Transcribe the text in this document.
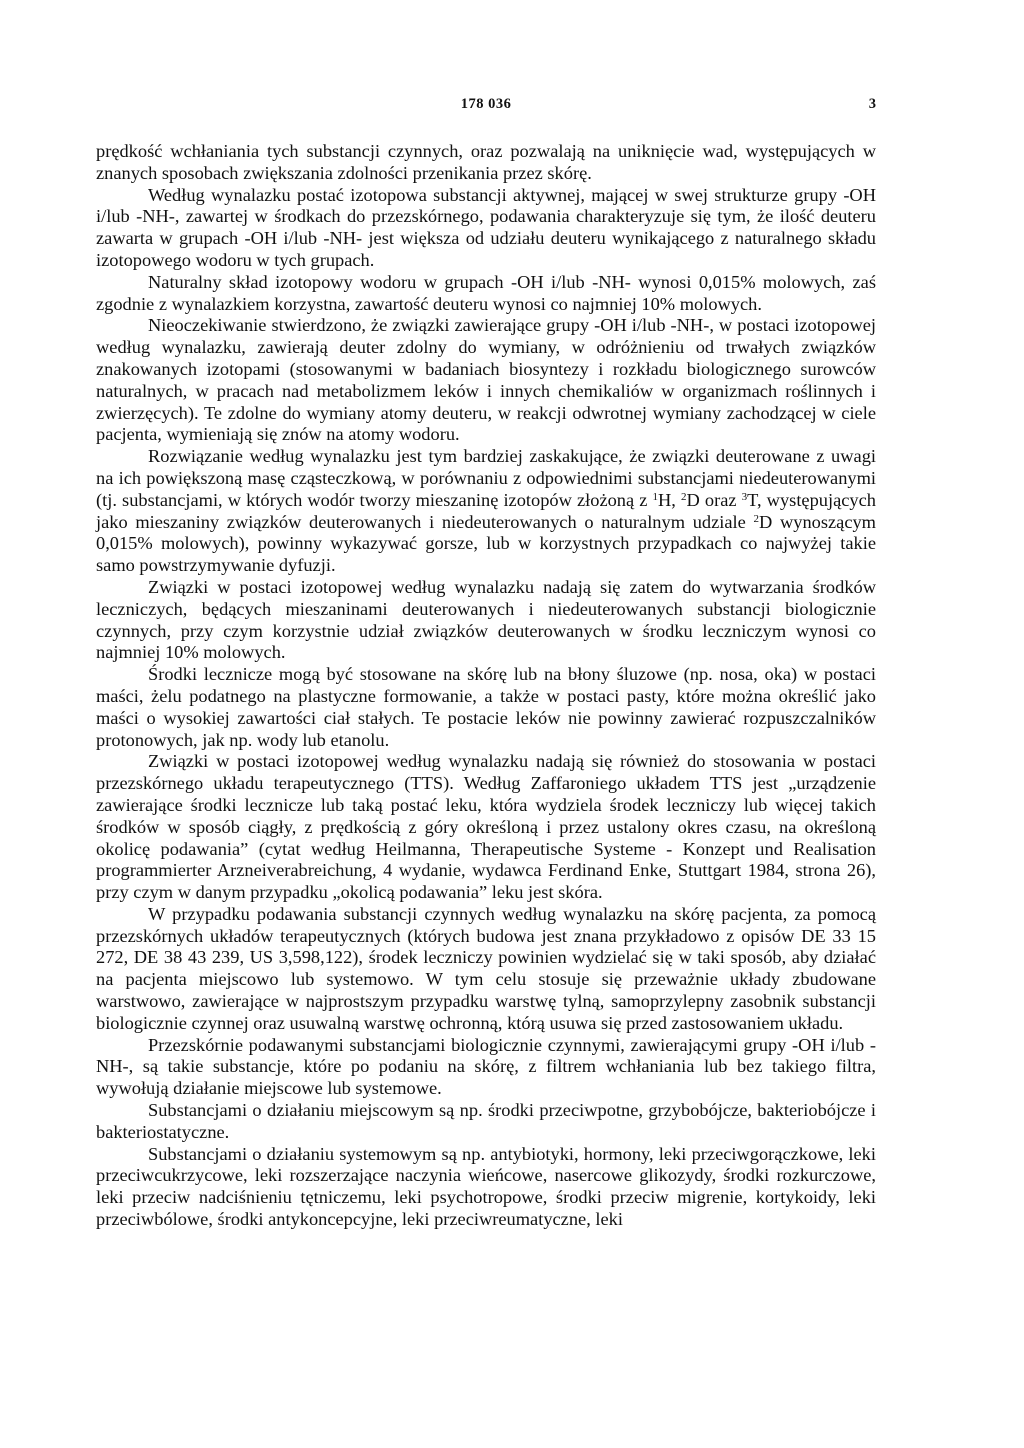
178 036	3

prędkość wchłaniania tych substancji czynnych, oraz pozwalają na uniknięcie wad, występujących w znanych sposobach zwiększania zdolności przenikania przez skórę.

Według wynalazku postać izotopowa substancji aktywnej, mającej w swej strukturze grupy -OH i/lub -NH-, zawartej w środkach do przezskórnego, podawania charakteryzuje się tym, że ilość deuteru zawarta w grupach -OH i/lub -NH- jest większa od udziału deuteru wynikającego z naturalnego składu izotopowego wodoru w tych grupach.

Naturalny skład izotopowy wodoru w grupach -OH i/lub -NH- wynosi 0,015% molowych, zaś zgodnie z wynalazkiem korzystna, zawartość deuteru wynosi co najmniej 10% molowych.

Nieoczekiwanie stwierdzono, że związki zawierające grupy -OH i/lub -NH-, w postaci izotopowej według wynalazku, zawierają deuter zdolny do wymiany, w odróżnieniu od trwałych związków znakowanych izotopami (stosowanymi w badaniach biosyntezy i rozkładu biologicznego surowców naturalnych, w pracach nad metabolizmem leków i innych chemikaliów w organizmach roślinnych i zwierzęcych). Te zdolne do wymiany atomy deuteru, w reakcji odwrotnej wymiany zachodzącej w ciele pacjenta, wymieniają się znów na atomy wodoru.

Rozwiązanie według wynalazku jest tym bardziej zaskakujące, że związki deuterowane z uwagi na ich powiększoną masę cząsteczkową, w porównaniu z odpowiednimi substancjami niedeuterowanymi (tj. substancjami, w których wodór tworzy mieszaninę izotopów złożoną z $^1$H, $^2$D oraz $^3$T, występujących jako mieszaniny związków deuterowanych i niedeuterowanych o naturalnym udziale $^2$D wynoszącym 0,015% molowych), powinny wykazywać gorsze, lub w korzystnych przypadkach co najwyżej takie samo powstrzymywanie dyfuzji.

Związki w postaci izotopowej według wynalazku nadają się zatem do wytwarzania środków leczniczych, będących mieszaninami deuterowanych i niedeuterowanych substancji biologicznie czynnych, przy czym korzystnie udział związków deuterowanych w środku leczniczym wynosi co najmniej 10% molowych.

Środki lecznicze mogą być stosowane na skórę lub na błony śluzowe (np. nosa, oka) w postaci maści, żelu podatnego na plastyczne formowanie, a także w postaci pasty, które można określić jako maści o wysokiej zawartości ciał stałych. Te postacie leków nie powinny zawierać rozpuszczalników protonowych, jak np. wody lub etanolu.

Związki w postaci izotopowej według wynalazku nadają się również do stosowania w postaci przezskórnego układu terapeutycznego (TTS). Według Zaffaroniego układem TTS jest „urządzenie zawierające środki lecznicze lub taką postać leku, która wydziela środek leczniczy lub więcej takich środków w sposób ciągły, z prędkością z góry określoną i przez ustalony okres czasu, na określoną okolicę podawania” (cytat według Heilmanna, Therapeutische Systeme - Konzept und Realisation programmierter Arzneiverabreichung, 4 wydanie, wydawca Ferdinand Enke, Stuttgart 1984, strona 26), przy czym w danym przypadku „okolicą podawania” leku jest skóra.

W przypadku podawania substancji czynnych według wynalazku na skórę pacjenta, za pomocą przezskórnych układów terapeutycznych (których budowa jest znana przykładowo z opisów DE 33 15 272, DE 38 43 239, US 3,598,122), środek leczniczy powinien wydzielać się w taki sposób, aby działać na pacjenta miejscowo lub systemowo. W tym celu stosuje się przeważnie układy zbudowane warstwowo, zawierające w najprostszym przypadku warstwę tylną, samoprzylepny zasobnik substancji biologicznie czynnej oraz usuwalną warstwę ochronną, którą usuwa się przed zastosowaniem układu.

Przezskórnie podawanymi substancjami biologicznie czynnymi, zawierającymi grupy -OH i/lub -NH-, są takie substancje, które po podaniu na skórę, z filtrem wchłaniania lub bez takiego filtra, wywołują działanie miejscowe lub systemowe.

Substancjami o działaniu miejscowym są np. środki przeciwpotne, grzybobójcze, bakteriobójcze i bakteriostatyczne.

Substancjami o działaniu systemowym są np. antybiotyki, hormony, leki przeciwgorączkowe, leki przeciwcukrzycowe, leki rozszerzające naczynia wieńcowe, nasercowe glikozydy, środki rozkurczowe, leki przeciw nadciśnieniu tętniczemu, leki psychotropowe, środki przeciw migrenie, kortykoidy, leki przeciwbólowe, środki antykoncepcyjne, leki przeciwreumatyczne, leki
